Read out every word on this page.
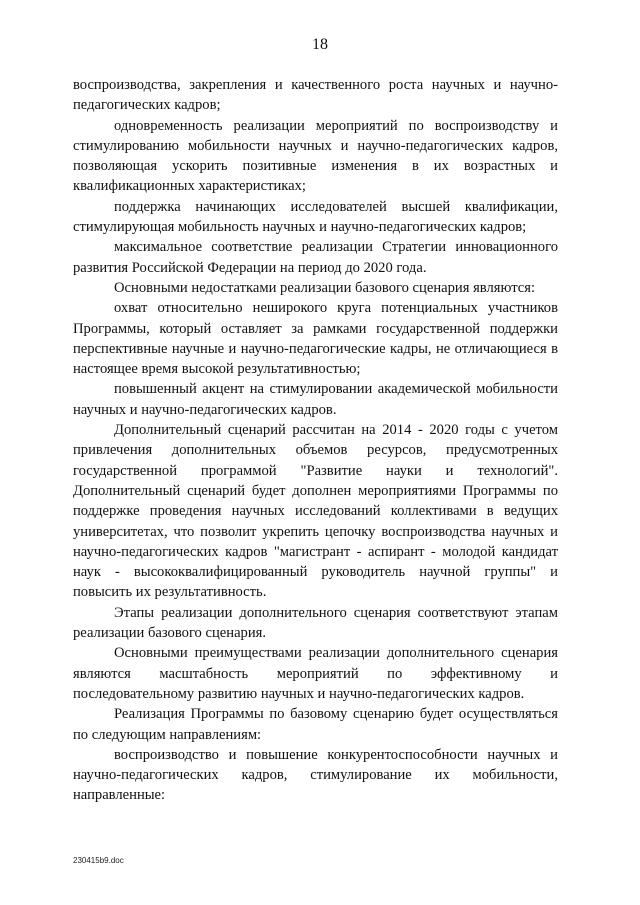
18

воспроизводства, закрепления и качественного роста научных и научно-педагогических кадров;

одновременность реализации мероприятий по воспроизводству и стимулированию мобильности научных и научно-педагогических кадров, позволяющая ускорить позитивные изменения в их возрастных и квалификационных характеристиках;

поддержка начинающих исследователей высшей квалификации, стимулирующая мобильность научных и научно-педагогических кадров;

максимальное соответствие реализации Стратегии инновационного развития Российской Федерации на период до 2020 года.

Основными недостатками реализации базового сценария являются:

охват относительно неширокого круга потенциальных участников Программы, который оставляет за рамками государственной поддержки перспективные научные и научно-педагогические кадры, не отличающиеся в настоящее время высокой результативностью;

повышенный акцент на стимулировании академической мобильности научных и научно-педагогических кадров.

Дополнительный сценарий рассчитан на 2014 - 2020 годы с учетом привлечения дополнительных объемов ресурсов, предусмотренных государственной программой "Развитие науки и технологий". Дополнительный сценарий будет дополнен мероприятиями Программы по поддержке проведения научных исследований коллективами в ведущих университетах, что позволит укрепить цепочку воспроизводства научных и научно-педагогических кадров "магистрант - аспирант - молодой кандидат наук - высококвалифицированный руководитель научной группы" и повысить их результативность.

Этапы реализации дополнительного сценария соответствуют этапам реализации базового сценария.

Основными преимуществами реализации дополнительного сценария являются масштабность мероприятий по эффективному и последовательному развитию научных и научно-педагогических кадров.

Реализация Программы по базовому сценарию будет осуществляться по следующим направлениям:

воспроизводство и повышение конкурентоспособности научных и научно-педагогических кадров, стимулирование их мобильности, направленные:

230415b9.doc
